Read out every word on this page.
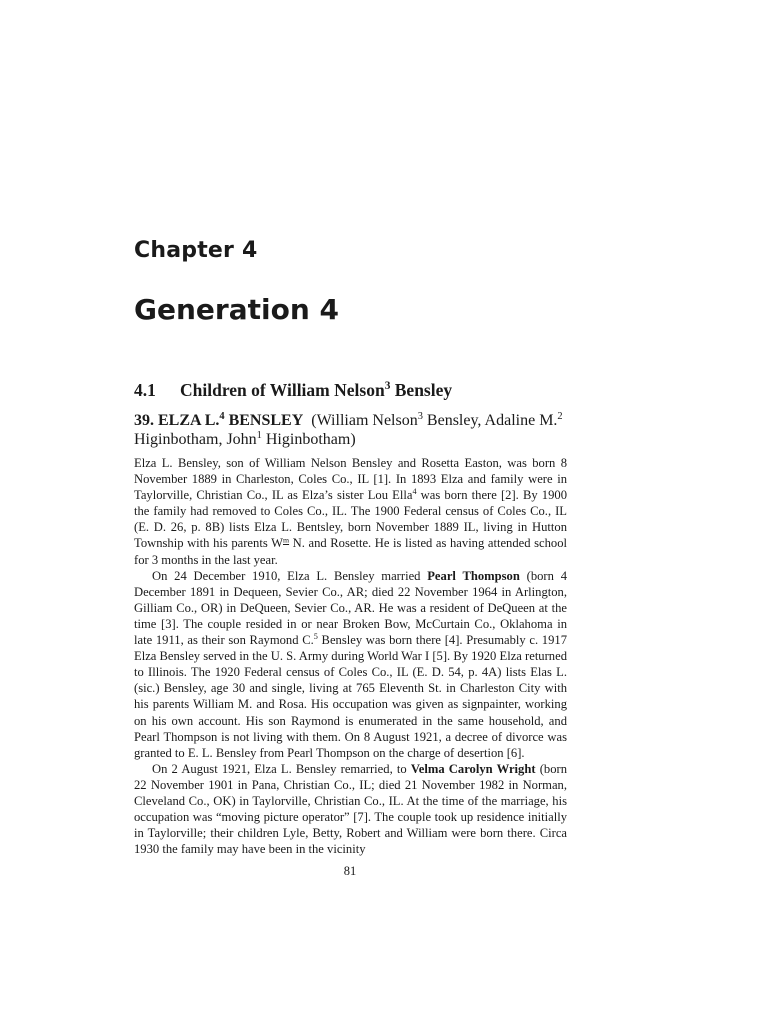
Chapter 4
Generation 4
4.1 Children of William Nelson$^3$ Bensley
39. ELZA L.$^4$ BENSLEY (William Nelson$^3$ Bensley, Adaline M.$^2$ Higinbotham, John$^1$ Higinbotham)

Elza L. Bensley, son of William Nelson Bensley and Rosetta Easton, was born 8 November 1889 in Charleston, Coles Co., IL [1]. In 1893 Elza and family were in Taylorville, Christian Co., IL as Elza’s sister Lou Ella$^4$ was born there [2]. By 1900 the family had removed to Coles Co., IL. The 1900 Federal census of Coles Co., IL (E. D. 26, p. 8B) lists Elza L. Bentsley, born November 1889 IL, living in Hutton Township with his parents $W^m$ N. and Rosette. He is listed as having attended school for 3 months in the last year.

On 24 December 1910, Elza L. Bensley married Pearl Thompson (born 4 December 1891 in Dequeen, Sevier Co., AR; died 22 November 1964 in Arlington, Gilliam Co., OR) in DeQueen, Sevier Co., AR. He was a resident of DeQueen at the time [3]. The couple resided in or near Broken Bow, McCurtain Co., Oklahoma in late 1911, as their son Raymond C.$^5$ Bensley was born there [4]. Presumably c. 1917 Elza Bensley served in the U. S. Army during World War I [5]. By 1920 Elza returned to Illinois. The 1920 Federal census of Coles Co., IL (E. D. 54, p. 4A) lists Elas L. (sic.) Bensley, age 30 and single, living at 765 Eleventh St. in Charleston City with his parents William M. and Rosa. His occupation was given as signpainter, working on his own account. His son Raymond is enumerated in the same household, and Pearl Thompson is not living with them. On 8 August 1921, a decree of divorce was granted to E. L. Bensley from Pearl Thompson on the charge of desertion [6].

On 2 August 1921, Elza L. Bensley remarried, to Velma Carolyn Wright (born 22 November 1901 in Pana, Christian Co., IL; died 21 November 1982 in Norman, Cleveland Co., OK) in Taylorville, Christian Co., IL. At the time of the marriage, his occupation was “moving picture operator” [7]. The couple took up residence initially in Taylorville; their children Lyle, Betty, Robert and William were born there. Circa 1930 the family may have been in the vicinity

81
